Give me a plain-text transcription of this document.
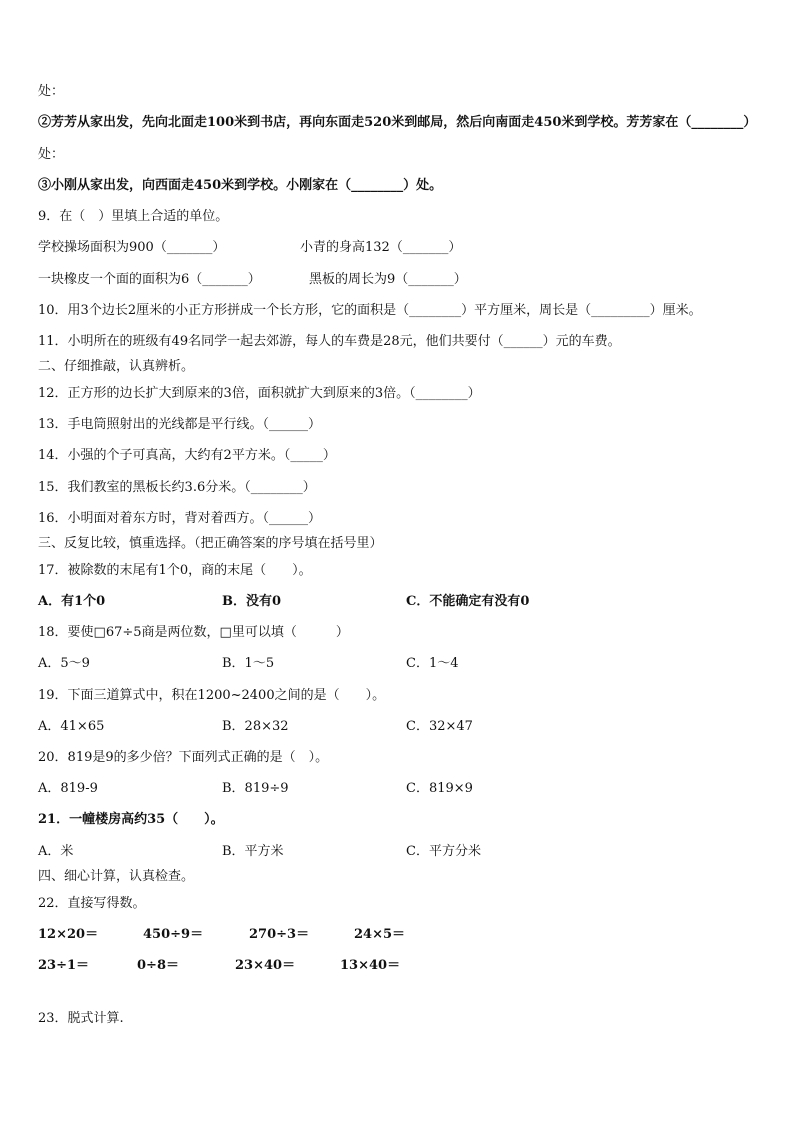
处：
②芳芳从家出发，先向北面走100米到书店，再向东面走520米到邮局，然后向南面走450米到学校。芳芳家在（________）
处：
③小刚从家出发，向西面走450米到学校。小刚家在（________）处。
9．在（　）里填上合适的单位。
学校操场面积为900（_______）	小青的身高132（_______）
一块橡皮一个面的面积为6（_______）	黑板的周长为9（_______）
10．用3个边长2厘米的小正方形拼成一个长方形，它的面积是（________）平方厘米，周长是（_________）厘米。
11．小明所在的班级有49名同学一起去郊游，每人的车费是28元，他们共要付（______）元的车费。
二、仔细推敲，认真辨析。
12．正方形的边长扩大到原来的3倍，面积就扩大到原来的3倍。（________）
13．手电筒照射出的光线都是平行线。（______）
14．小强的个子可真高，大约有2平方米。（_____）
15．我们教室的黑板长约3.6分米。（________）
16．小明面对着东方时，背对着西方。（______）
三、反复比较，慎重选择。（把正确答案的序号填在括号里）
17．被除数的末尾有1个0，商的末尾（　　）。
A．有1个0	B．没有0	C．不能确定有没有0
18．要使□67÷5商是两位数，□里可以填（　　　）
A．5～9	B．1～5	C．1～4
19．下面三道算式中，积在1200~2400之间的是（　　）。
A．41×65	B．28×32	C．32×47
20．819是9的多少倍？下面列式正确的是（　）。
A．819-9	B．819÷9	C．819×9
21．一幢楼房高约35（　　）。
A．米	B．平方米	C．平方分米
四、细心计算，认真检查。
22．直接写得数。
12×20＝	450÷9＝	270÷3＝	24×5＝
23÷1＝	0÷8＝	23×40＝	13×40＝
23．脱式计算.
